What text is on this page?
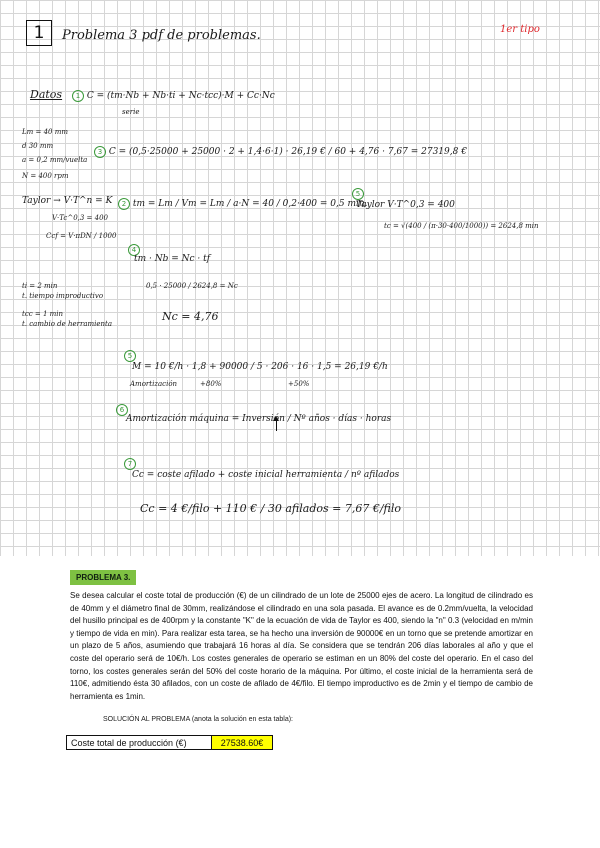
1	Problema 3 pdf de problemas.	1er tipo
Datos	1 C = (tm·Nb + Nb·ti + Nc·tcc)·M + Cc·Nc
serie
Lm = 40 mm
d 30 mm
a = 0,2 mm/vuelta
N = 400 rpm
3 C = (0,5·25000 + 25000 · 2 + 1,4·6·1) · 26,19 € / 60 + 4,76 · 7,67 = 27319,8 €
Taylor → V·T^n = K
V·Tc^0,3 = 400
Ccf = V·πDN / 1000
2 tm = Lm / Vm = Lm / a·N = 40 / 0,2·400 = 0,5 min.
5
Taylor V·T^0,3 = 400
tc = √(400 / (π·30·400/1000)) = 2624,8 min
4
tm · Nb = Nc · tf
ti = 2 min
t. tiempo improductivo
tcc = 1 min
t. cambio de herramienta
0,5 · 25000 / 2624,8 = Nc
Nc = 4,76
5
M = 10 €/h · 1,8 + 90000 / 5 · 206 · 16 · 1,5 = 26,19 €/h
Amortización	+80%	+50%
6
Amortización máquina = Inversión / Nº años · días · horas
7
Cc = coste afilado + coste inicial herramienta / nº afilados
Cc = 4 €/filo + 110 € / 30 afilados = 7,67 €/filo
PROBLEMA 3.
Se desea calcular el coste total de producción (€) de un cilindrado de un lote de 25000 ejes de acero. La longitud de cilindrado es de 40mm y el diámetro final de 30mm, realizándose el cilindrado en una sola pasada. El avance es de 0.2mm/vuelta, la velocidad del husillo principal es de 400rpm y la constante "K" de la ecuación de vida de Taylor es 400, siendo la "n" 0.3 (velocidad en m/min y tiempo de vida en min). Para realizar esta tarea, se ha hecho una inversión de 90000€ en un torno que se pretende amortizar en un plazo de 5 años, asumiendo que trabajará 16 horas al día. Se considera que se tendrán 206 días laborales al año y que el coste del operario será de 10€/h. Los costes generales de operario se estiman en un 80% del coste del operario. En el caso del torno, los costes generales serán del 50% del coste horario de la máquina. Por último, el coste inicial de la herramienta será de 110€, admitiendo ésta 30 afilados, con un coste de afilado de 4€/filo. El tiempo improductivo es de 2min y el tiempo de cambio de herramienta es 1min.
SOLUCIÓN AL PROBLEMA (anota la solución en esta tabla):
Coste total de producción (€)	27538.60€
